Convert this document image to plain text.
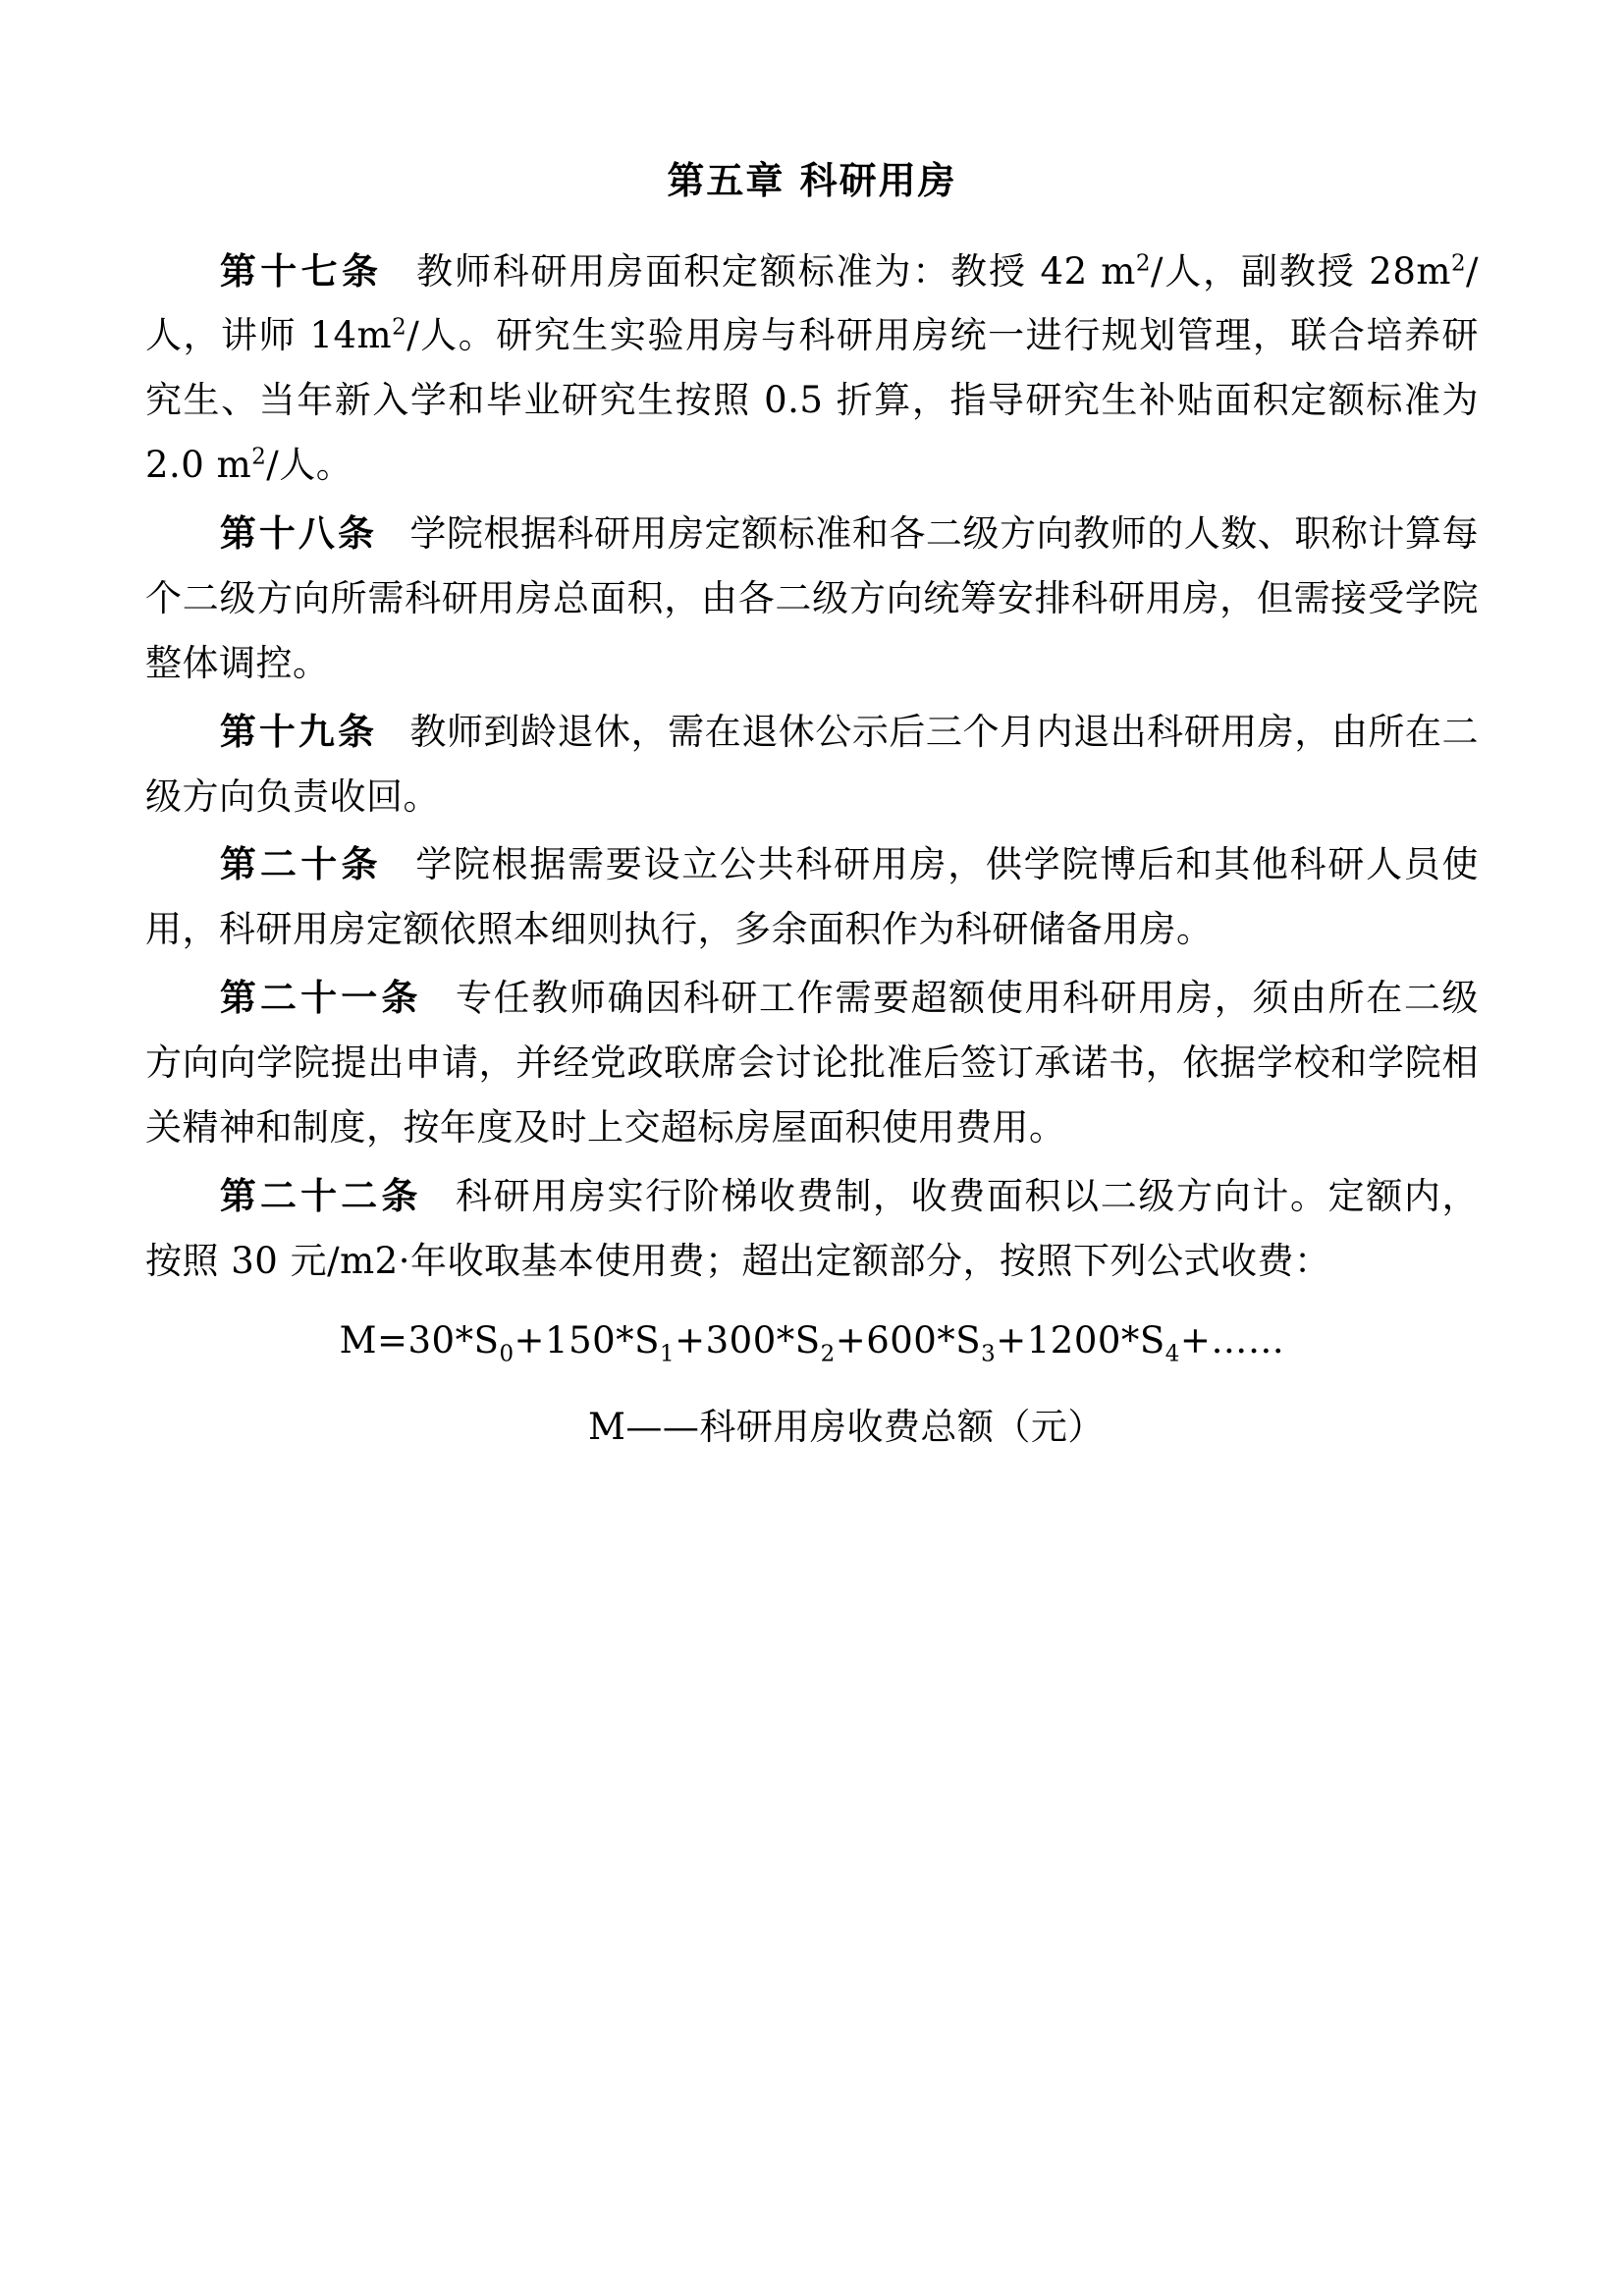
第五章 科研用房

第十七条 教师科研用房面积定额标准为：教授 42 $m^2/$人，副教授 $28m^2/$人，讲师 $14m^2/$人。研究生实验用房与科研用房统一进行规划管理，联合培养研究生、当年新入学和毕业研究生按照 0.5 折算，指导研究生补贴面积定额标准为 2.0 $m^2/$人。

第十八条 学院根据科研用房定额标准和各二级方向教师的人数、职称计算每个二级方向所需科研用房总面积，由各二级方向统筹安排科研用房，但需接受学院整体调控。

第十九条 教师到龄退休，需在退休公示后三个月内退出科研用房，由所在二级方向负责收回。

第二十条 学院根据需要设立公共科研用房，供学院博后和其他科研人员使用，科研用房定额依照本细则执行，多余面积作为科研储备用房。

第二十一条 专任教师确因科研工作需要超额使用科研用房，须由所在二级方向向学院提出申请，并经党政联席会讨论批准后签订承诺书，依据学校和学院相关精神和制度，按年度及时上交超标房屋面积使用费用。

第二十二条 科研用房实行阶梯收费制，收费面积以二级方向计。定额内，按照 30 元/m2·年收取基本使用费；超出定额部分，按照下列公式收费：

$M=30*S_0+150*S_1+300*S_2+600*S_3+1200*S_4+\dots\dots$

M——科研用房收费总额（元）
